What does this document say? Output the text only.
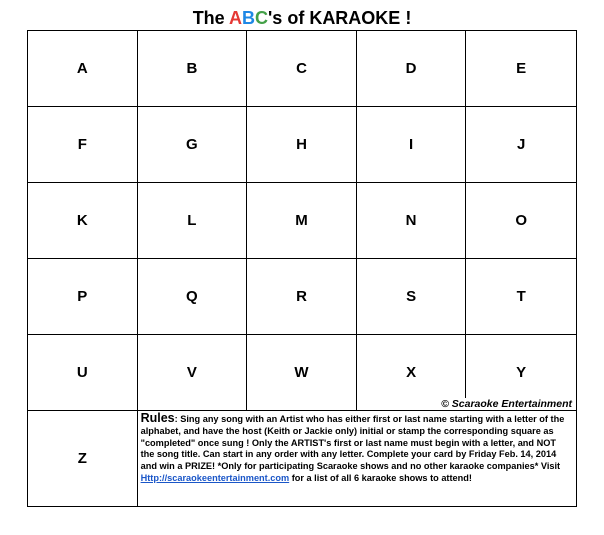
The ABC's of KARAOKE !
A	B	C	D	E
F	G	H	I	J
K	L	M	N	O
P	Q	R	S	T
U	V	W	X	Y
Z
Rules: Sing any song with an Artist who has either first or last name starting with a letter of the alphabet, and have the host (Keith or Jackie only) initial or stamp the corresponding square as "completed" once sung ! Only the ARTIST's first or last name must begin with a letter, and NOT the song title. Can start in any order with any letter. Complete your card by Friday Feb. 14, 2014 and win a PRIZE! *Only for participating Scaraoke shows and no other karaoke companies* Visit Http://scaraokeentertainment.com for a list of all 6 karaoke shows to attend!
© Scaraoke Entertainment
